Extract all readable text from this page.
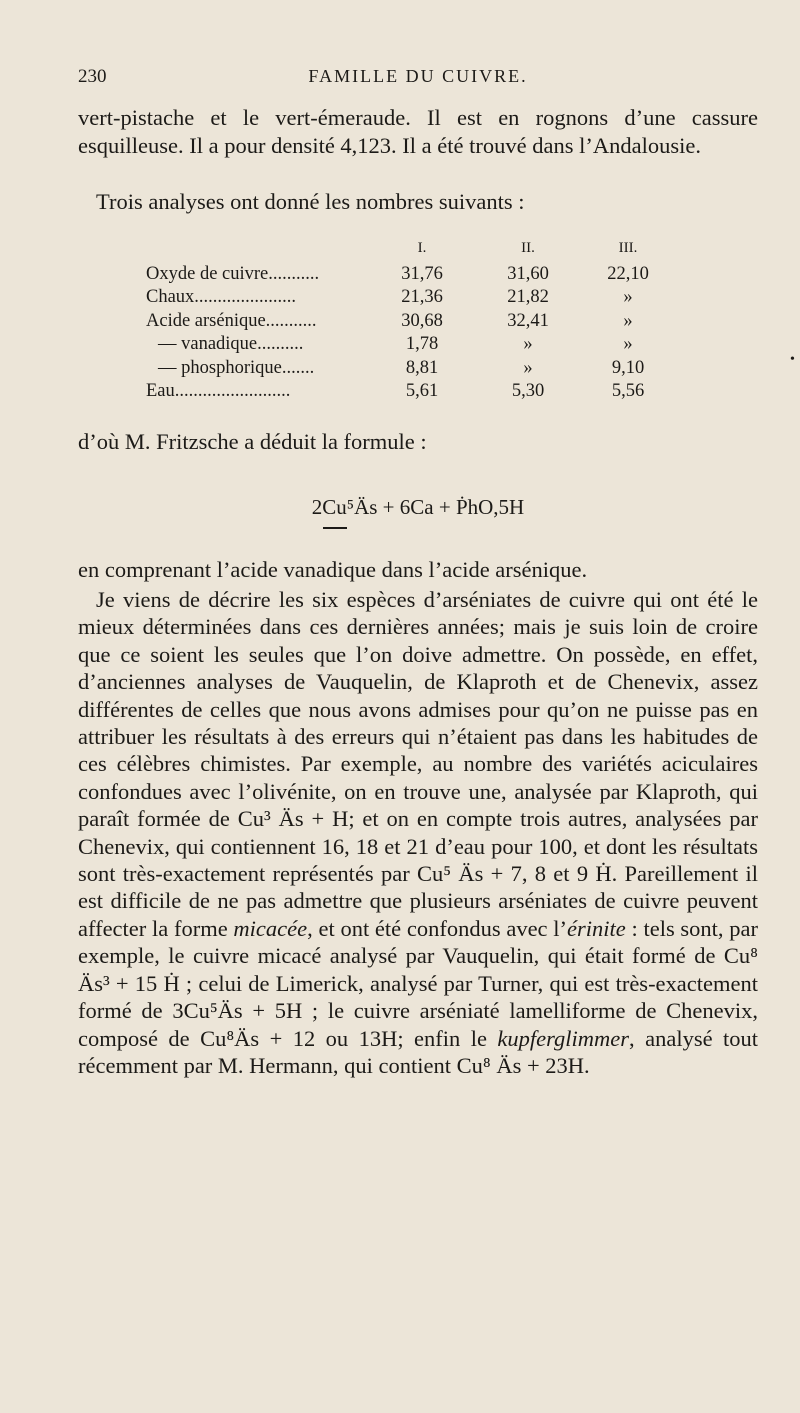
230	FAMILLE DU CUIVRE.

vert-pistache et le vert-émeraude. Il est en rognons d’une cassure esquilleuse. Il a pour densité 4,123. Il a été trouvé dans l’Andalousie.

Trois analyses ont donné les nombres suivants :

I.	II.	III.
Oxyde de cuivre...........	31,76	31,60	22,10
Chaux......................	21,36	21,82	»
Acide arsénique...........	30,68	32,41	»
— vanadique..........	1,78	»	»
— phosphorique.......	8,81	»	9,10
Eau.........................	5,61	5,30	5,56
•

d’où M. Fritzsche a déduit la formule :

2Cu⁵Äs + 6Ca + ṖhO,5H

en comprenant l’acide vanadique dans l’acide arsénique.

Je viens de décrire les six espèces d’arséniates de cuivre qui ont été le mieux déterminées dans ces dernières années; mais je suis loin de croire que ce soient les seules que l’on doive admettre. On possède, en effet, d’anciennes analyses de Vauquelin, de Klaproth et de Chenevix, assez différentes de celles que nous avons admises pour qu’on ne puisse pas en attribuer les résultats à des erreurs qui n’étaient pas dans les habitudes de ces célèbres chimistes. Par exemple, au nombre des variétés aciculaires confondues avec l’olivénite, on en trouve une, analysée par Klaproth, qui paraît formée de Cu³ Äs + H; et on en compte trois autres, analysées par Chenevix, qui contiennent 16, 18 et 21 d’eau pour 100, et dont les résultats sont très-exactement représentés par Cu⁵ Äs + 7, 8 et 9 Ḣ. Pareillement il est difficile de ne pas admettre que plusieurs arséniates de cuivre peuvent affecter la forme micacée, et ont été confondus avec l’érinite : tels sont, par exemple, le cuivre micacé analysé par Vauquelin, qui était formé de Cu⁸ Äs³ + 15 Ḣ ; celui de Limerick, analysé par Turner, qui est très-exactement formé de 3Cu⁵Äs + 5H ; le cuivre arséniaté lamelliforme de Chenevix, composé de Cu⁸Äs + 12 ou 13H; enfin le kupferglimmer, analysé tout récemment par M. Hermann, qui contient Cu⁸ Äs + 23H.
